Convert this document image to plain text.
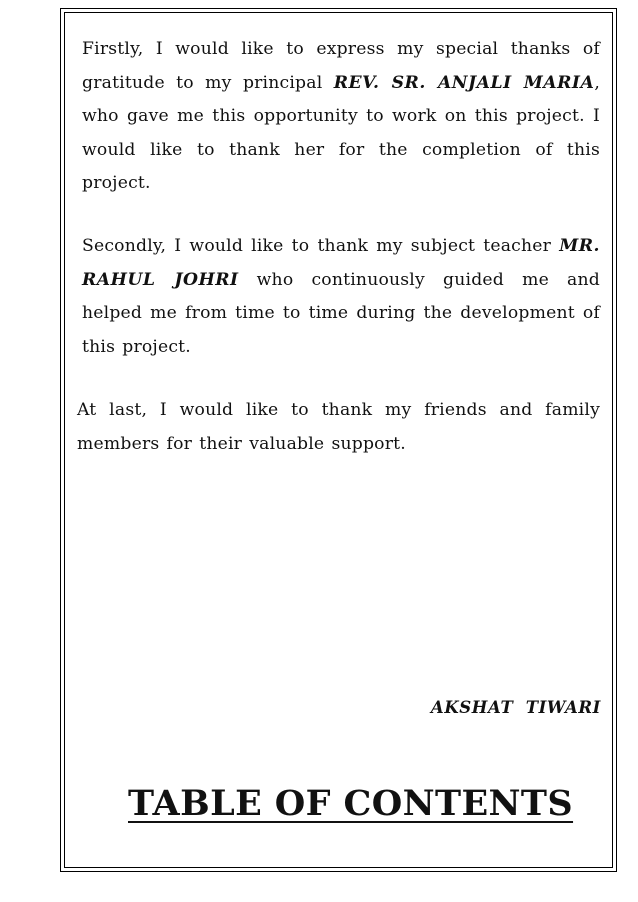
Firstly, I would like to express my special thanks of gratitude to my principal REV. SR. ANJALI MARIA, who gave me this opportunity to work on this project. I would like to thank her for the completion of this project.

Secondly, I would like to thank my subject teacher MR. RAHUL JOHRI who continuously guided me and helped me from time to time during the development of this project.

At last, I would like to thank my friends and family members for their valuable support.

AKSHAT TIWARI
TABLE OF CONTENTS
